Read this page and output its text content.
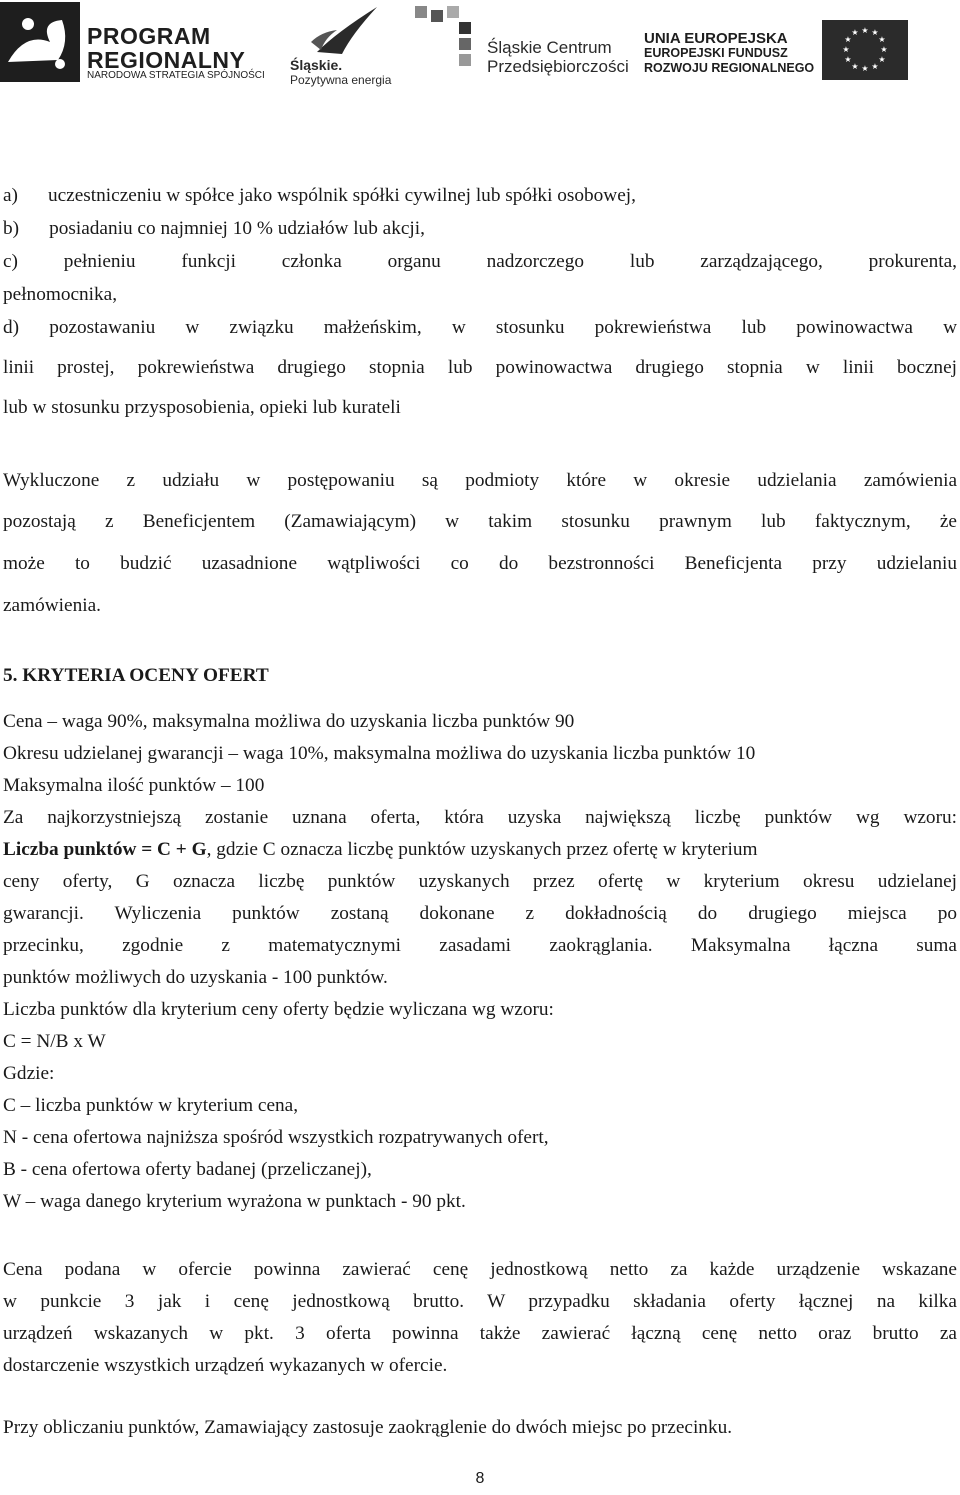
PROGRAM
REGIONALNY
NARODOWA STRATEGIA SPÓJNOŚCI
Śląskie.
Pozytywna energia
Śląskie Centrum
Przedsiębiorczości
UNIA EUROPEJSKA
EUROPEJSKI FUNDUSZ
ROZWOJU REGIONALNEGO
★ ★
★
★
★
★
★
★
★
★
★
★
a) uczestniczeniu w spółce jako wspólnik spółki cywilnej lub spółki osobowej,
b) posiadaniu co najmniej 10 % udziałów lub akcji,
c) pełnieniu funkcji członka organu nadzorczego lub zarządzającego, prokurenta,
pełnomocnika,
d) pozostawaniu w związku małżeńskim, w stosunku pokrewieństwa lub powinowactwa w
linii prostej, pokrewieństwa drugiego stopnia lub powinowactwa drugiego stopnia w linii bocznej
lub w stosunku przysposobienia, opieki lub kurateli
Wykluczone z udziału w postępowaniu są podmioty które w okresie udzielania zamówienia
pozostają z Beneficjentem (Zamawiającym) w takim stosunku prawnym lub faktycznym, że
może to budzić uzasadnione wątpliwości co do bezstronności Beneficjenta przy udzielaniu
zamówienia.
5. KRYTERIA OCENY OFERT
Cena – waga 90%, maksymalna możliwa do uzyskania liczba punktów 90
Okresu udzielanej gwarancji – waga 10%, maksymalna możliwa do uzyskania liczba punktów 10
Maksymalna ilość punktów – 100
Za najkorzystniejszą zostanie uznana oferta, która uzyska największą liczbę punktów wg wzoru:
Liczba punktów = C + G, gdzie C oznacza liczbę punktów uzyskanych przez ofertę w kryterium
ceny oferty, G oznacza liczbę punktów uzyskanych przez ofertę w kryterium okresu udzielanej
gwarancji. Wyliczenia punktów zostaną dokonane z dokładnością do drugiego miejsca po
przecinku, zgodnie z matematycznymi zasadami zaokrąglania. Maksymalna łączna suma
punktów możliwych do uzyskania - 100 punktów.
Liczba punktów dla kryterium ceny oferty będzie wyliczana wg wzoru:
C = N/B x W
Gdzie:
C – liczba punktów w kryterium cena,
N - cena ofertowa najniższa spośród wszystkich rozpatrywanych ofert,
B - cena ofertowa oferty badanej (przeliczanej),
W – waga danego kryterium wyrażona w punktach - 90 pkt.
Cena podana w ofercie powinna zawierać cenę jednostkową netto za każde urządzenie wskazane
w punkcie 3 jak i cenę jednostkową brutto. W przypadku składania oferty łącznej na kilka
urządzeń wskazanych w pkt. 3 oferta powinna także zawierać łączną cenę netto oraz brutto za
dostarczenie wszystkich urządzeń wykazanych w ofercie.
Przy obliczaniu punktów, Zamawiający zastosuje zaokrąglenie do dwóch miejsc po przecinku.
8
